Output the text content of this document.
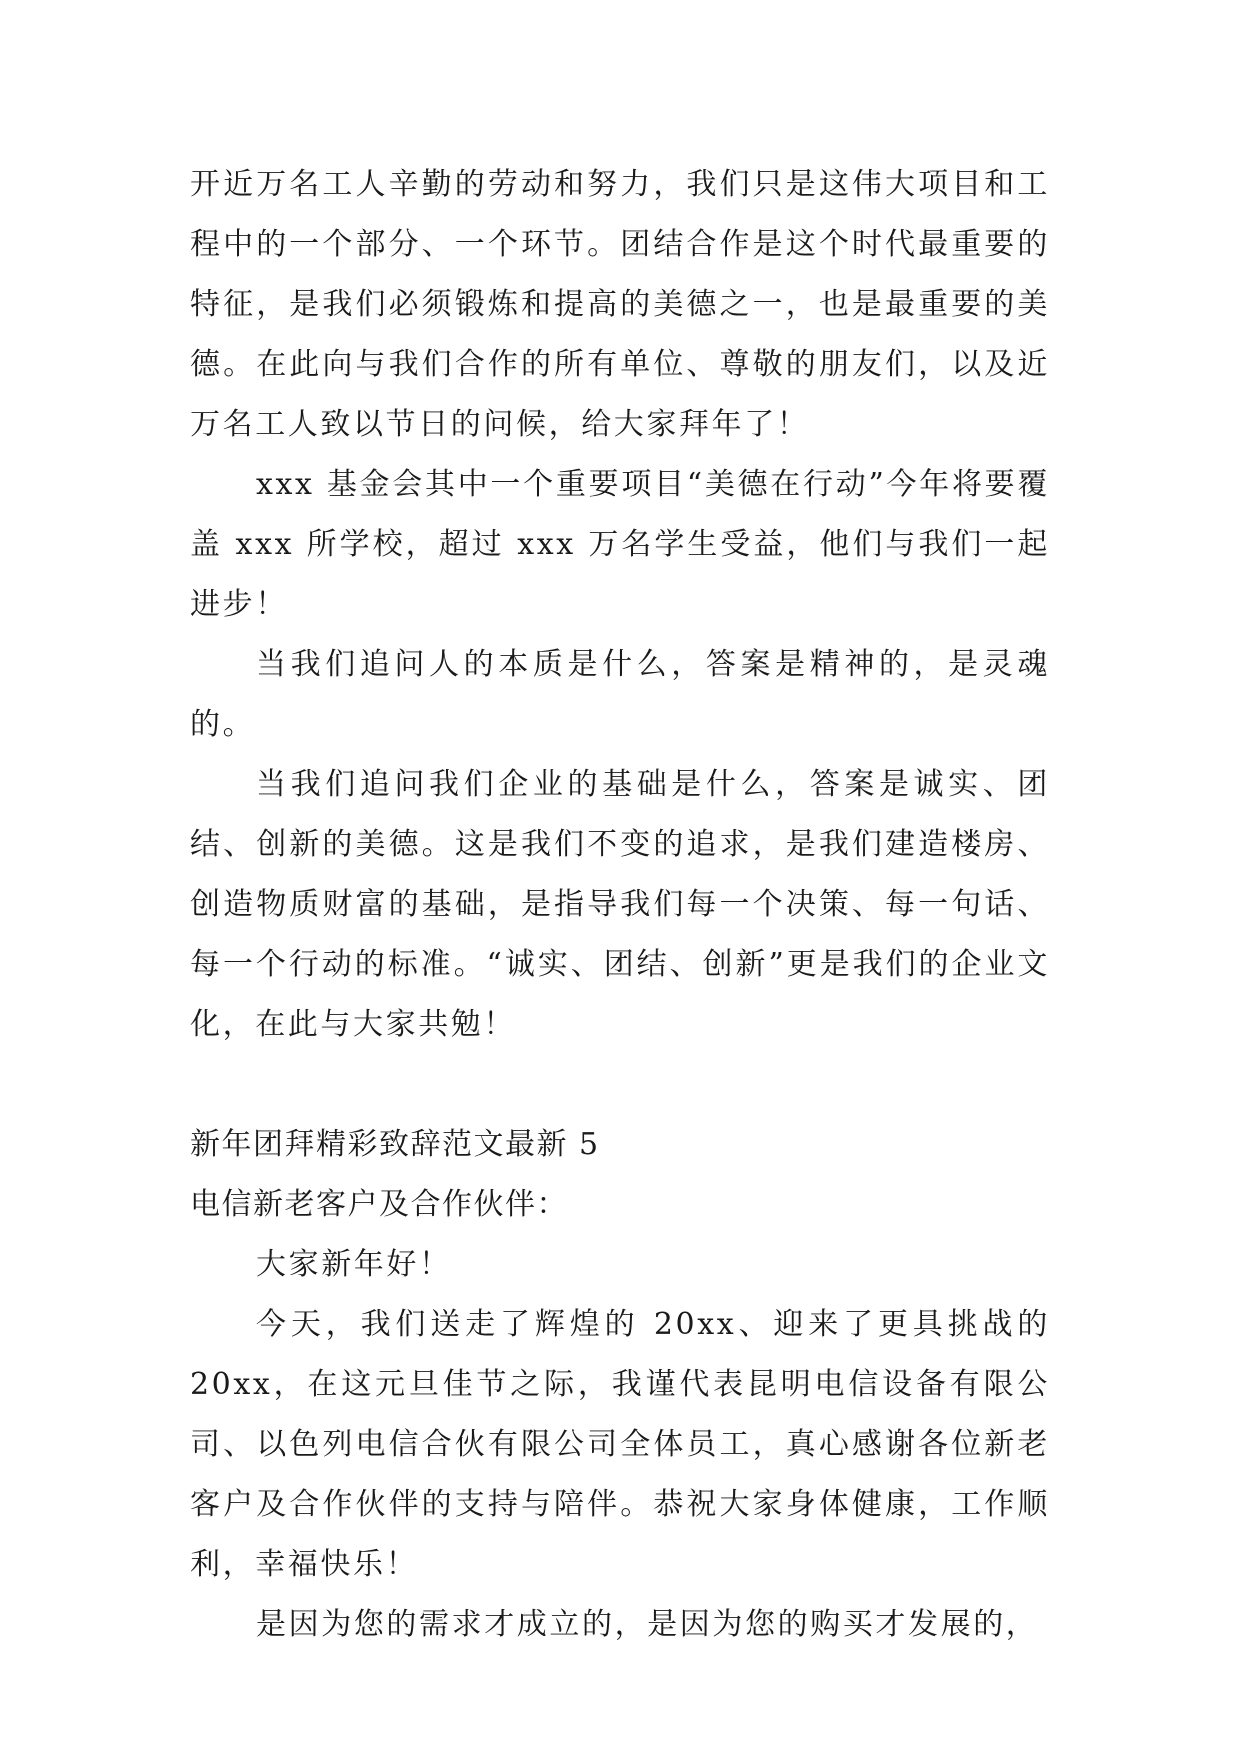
开近万名工人辛勤的劳动和努力，我们只是这伟大项目和工程中的一个部分、一个环节。团结合作是这个时代最重要的特征，是我们必须锻炼和提高的美德之一，也是最重要的美德。在此向与我们合作的所有单位、尊敬的朋友们，以及近万名工人致以节日的问候，给大家拜年了！

xxx 基金会其中一个重要项目“美德在行动”今年将要覆盖 xxx 所学校，超过 xxx 万名学生受益，他们与我们一起进步！

当我们追问人的本质是什么，答案是精神的，是灵魂的。

当我们追问我们企业的基础是什么，答案是诚实、团结、创新的美德。这是我们不变的追求，是我们建造楼房、创造物质财富的基础，是指导我们每一个决策、每一句话、每一个行动的标准。“诚实、团结、创新”更是我们的企业文化，在此与大家共勉！

新年团拜精彩致辞范文最新 5

电信新老客户及合作伙伴：

大家新年好！

今天，我们送走了辉煌的 20xx、迎来了更具挑战的20xx，在这元旦佳节之际，我谨代表昆明电信设备有限公司、以色列电信合伙有限公司全体员工，真心感谢各位新老客户及合作伙伴的支持与陪伴。恭祝大家身体健康，工作顺利，幸福快乐！

是因为您的需求才成立的，是因为您的购买才发展的，
